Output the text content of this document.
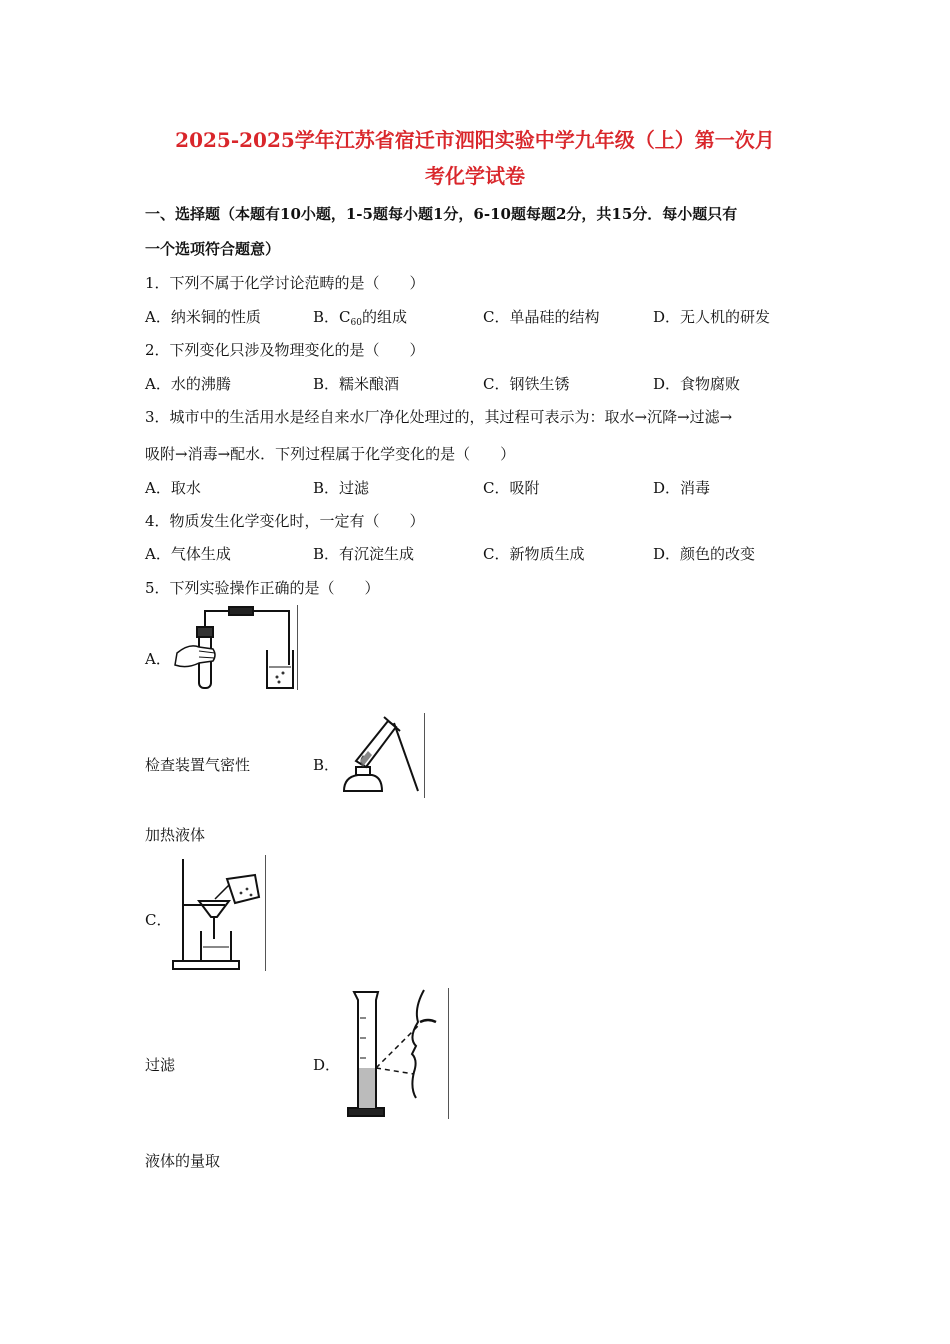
2025-2025学年江苏省宿迁市泗阳实验中学九年级（上）第一次月
考化学试卷
一、选择题（本题有10小题，1-5题每小题1分，6-10题每题2分，共15分．每小题只有
一个选项符合题意）
1．下列不属于化学讨论范畴的是（　　）
A．纳米铜的性质	B．$C_{60}$的组成	C．单晶硅的结构	D．无人机的研发
2．下列变化只涉及物理变化的是（　　）
A．水的沸腾	B．糯米酿酒	C．钢铁生锈	D．食物腐败
3．城市中的生活用水是经自来水厂净化处理过的，其过程可表示为：取水→沉降→过滤→
吸附→消毒→配水．下列过程属于化学变化的是（　　）
A．取水	B．过滤	C．吸附	D．消毒
4．物质发生化学变化时，一定有（　　）
A．气体生成	B．有沉淀生成	C．新物质生成	D．颜色的改变
5．下列实验操作正确的是（　　）
A．
检查装置气密性	B．
加热液体
C．
过滤	D．
液体的量取
